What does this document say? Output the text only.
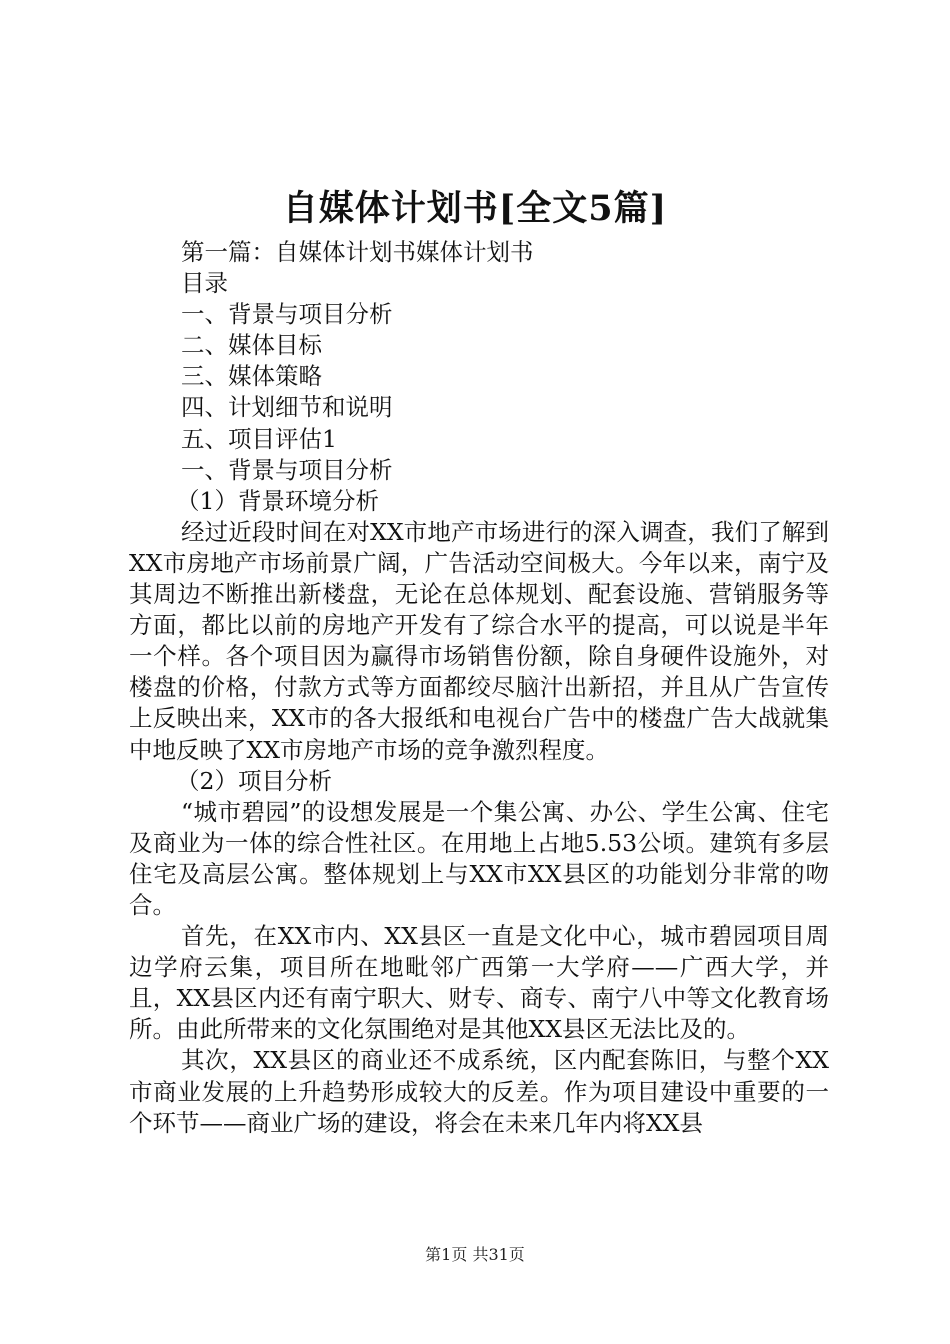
自媒体计划书[全文5篇]

第一篇：自媒体计划书媒体计划书

目录

一、背景与项目分析

二、媒体目标

三、媒体策略

四、计划细节和说明

五、项目评估1

一、背景与项目分析

（1）背景环境分析

经过近段时间在对XX市地产市场进行的深入调查，我们了解到XX市房地产市场前景广阔，广告活动空间极大。今年以来，南宁及其周边不断推出新楼盘，无论在总体规划、配套设施、营销服务等方面，都比以前的房地产开发有了综合水平的提高，可以说是半年一个样。各个项目因为赢得市场销售份额，除自身硬件设施外，对楼盘的价格，付款方式等方面都绞尽脑汁出新招，并且从广告宣传上反映出来，XX市的各大报纸和电视台广告中的楼盘广告大战就集中地反映了XX市房地产市场的竞争激烈程度。

（2）项目分析

“城市碧园”的设想发展是一个集公寓、办公、学生公寓、住宅及商业为一体的综合性社区。在用地上占地5.53公顷。建筑有多层住宅及高层公寓。整体规划上与XX市XX县区的功能划分非常的吻合。

首先，在XX市内、XX县区一直是文化中心，城市碧园项目周边学府云集，项目所在地毗邻广西第一大学府——广西大学，并且，XX县区内还有南宁职大、财专、商专、南宁八中等文化教育场所。由此所带来的文化氛围绝对是其他XX县区无法比及的。

其次，XX县区的商业还不成系统，区内配套陈旧，与整个XX市商业发展的上升趋势形成较大的反差。作为项目建设中重要的一个环节——商业广场的建设，将会在未来几年内将XX县

第1页 共31页
